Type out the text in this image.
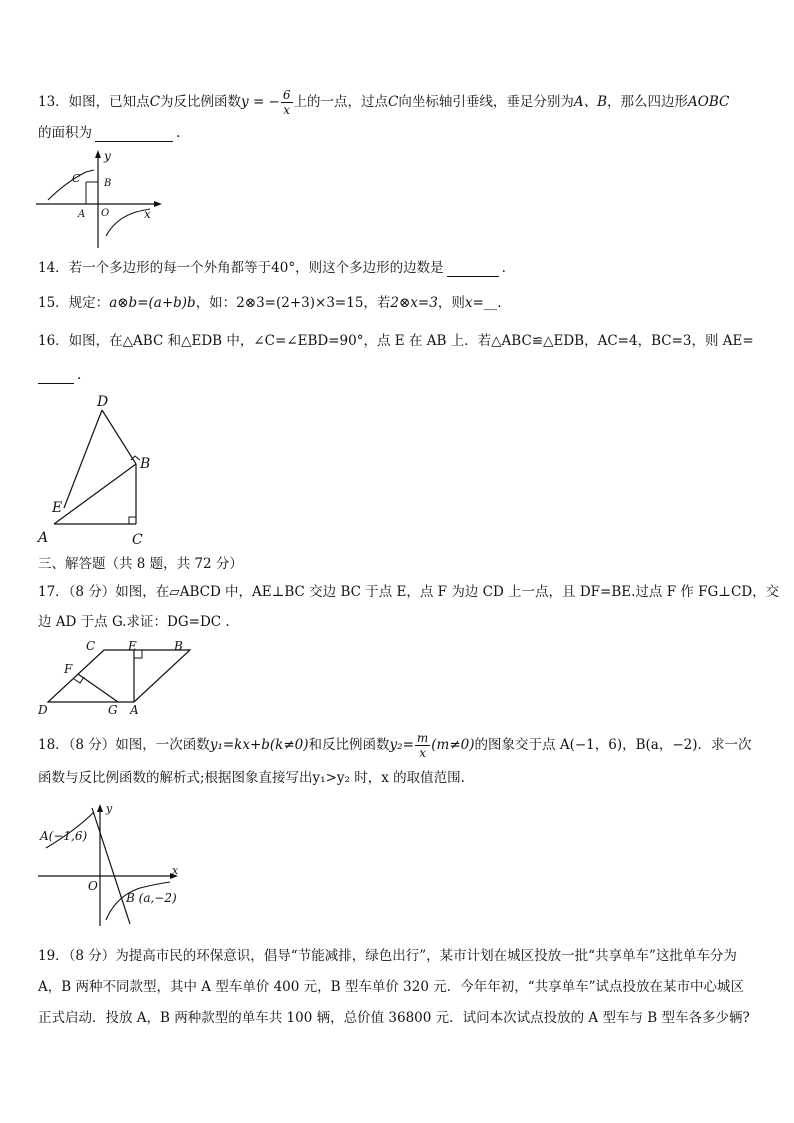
13．如图，已知点C为反比例函数y = − $\frac{6}{x}$ 上的一点，过点C向坐标轴引垂线，垂足分别为A、B，那么四边形AOBC
的面积为	.
y
C B
A O	x
14．若一个多边形的每一个外角都等于40°，则这个多边形的边数是	.
15．规定：a⊗b=(a+b)b，如：2⊗3=(2+3)×3=15，若2⊗x=3，则x=__.
16．如图，在△ABC 和△EDB 中，∠C=∠EBD=90°，点 E 在 AB 上．若△ABC≌△EDB，AC=4，BC=3，则 AE=
.
D
B
E
A	C
三、解答题（共 8 题，共 72 分）
17．（8 分）如图，在▱ABCD 中，AE⊥BC 交边 BC 于点 E，点 F 为边 CD 上一点，且 DF=BE.过点 F 作 FG⊥CD，交
边 AD 于点 G.求证：DG=DC .
C	E	B
F
D	G A
18．（8 分）如图，一次函数y₁=kx+b(k≠0)和反比例函数$y_2= \frac{m}{x} (m\ne 0)$的图象交于点 A(−1，6)，B(a，−2)．求一次
函数与反比例函数的解析式;根据图象直接写出y₁>y₂ 时，x 的取值范围.
y
A(−1,6)
O
x
B (a,−2)
19．（8 分）为提高市民的环保意识，倡导“节能减排，绿色出行”，某市计划在城区投放一批“共享单车”这批单车分为
A，B 两种不同款型，其中 A 型车单价 400 元，B 型车单价 320 元．今年年初，“共享单车”试点投放在某市中心城区
正式启动．投放 A，B 两种款型的单车共 100 辆，总价值 36800 元．试问本次试点投放的 A 型车与 B 型车各多少辆?
